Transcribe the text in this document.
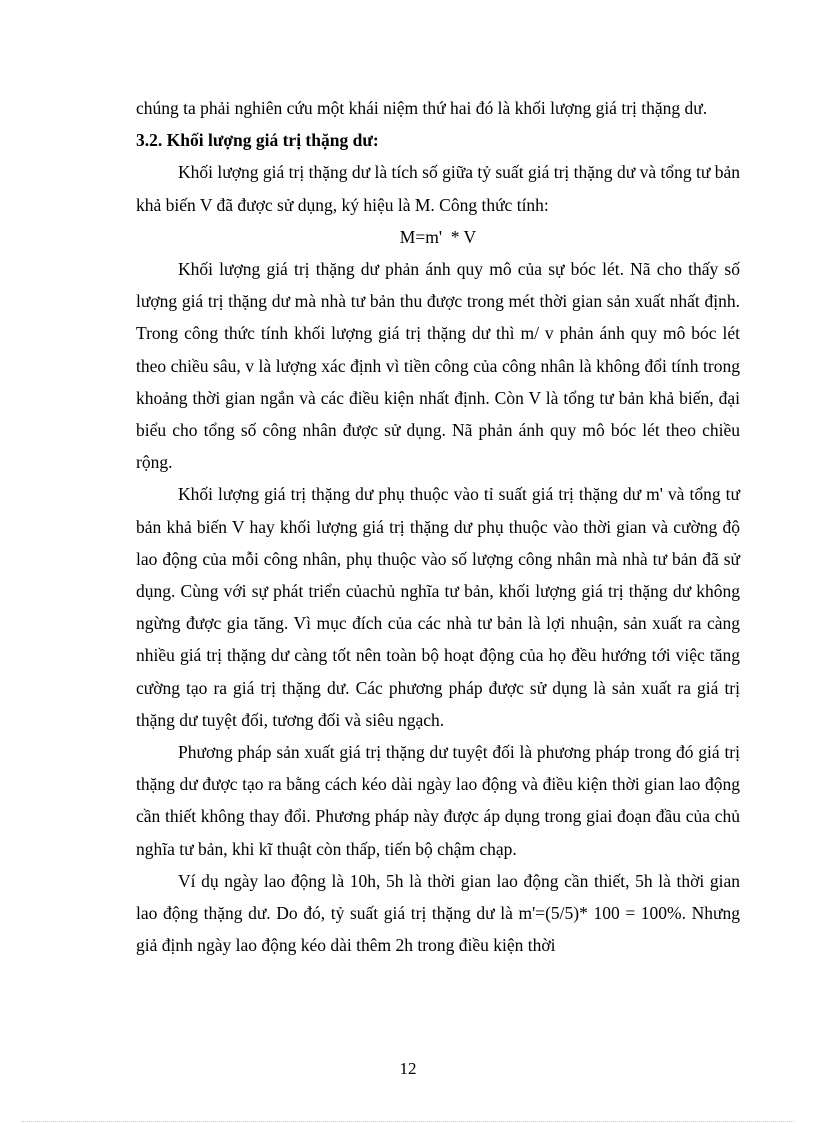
chúng ta phải nghiên cứu một khái niệm thứ hai đó là khối lượng giá trị thặng dư.

3.2. Khối lượng giá trị thặng dư:

Khối lượng giá trị thặng dư là tích số giữa tỷ suất giá trị thặng dư và tổng tư bản khả biến V đã được sử dụng, ký hiệu là M. Công thức tính:

M=m'  * V

Khối lượng giá trị thặng dư phản ánh quy mô của sự bóc lét. Nã cho thấy số lượng giá trị thặng dư mà nhà tư bản thu được trong mét thời gian sản xuất nhất định. Trong công thức tính khối lượng giá trị thặng dư thì m/ v phản ánh quy mô bóc lét theo chiều sâu, v là lượng xác định vì tiền công của công nhân là không đổi tính trong khoảng thời gian ngắn và các điều kiện nhất định. Còn V là tổng tư bản khả biến, đại biểu cho tổng số công nhân được sử dụng. Nã phản ánh quy mô bóc lét theo chiều rộng.

Khối lượng giá trị thặng dư phụ thuộc vào tỉ suất giá trị thặng dư m' và tổng tư bản khả biến V hay khối lượng giá trị thặng dư phụ thuộc vào thời gian và cường độ lao động của mỗi công nhân, phụ thuộc vào số lượng công nhân mà nhà tư bản đã sử dụng. Cùng với sự phát triển củachủ nghĩa tư bản, khối lượng giá trị thặng dư không ngừng được gia tăng. Vì mục đích của các nhà tư bản là lợi nhuận, sản xuất ra càng nhiều giá trị thặng dư càng tốt nên toàn bộ hoạt động của họ đều hướng tới việc tăng cường tạo ra giá trị thặng dư. Các phương pháp được sử dụng là sản xuất ra giá trị thặng dư tuyệt đối, tương đối và siêu ngạch.

Phương pháp sản xuất giá trị thặng dư tuyệt đối là phương pháp trong đó giá trị thặng dư được tạo ra bằng cách kéo dài ngày lao động và điều kiện thời gian lao động cần thiết không thay đổi. Phương pháp này được áp dụng trong giai đoạn đầu của chủ nghĩa tư bản, khi kĩ thuật còn thấp, tiến bộ chậm chạp.

Ví dụ ngày lao động là 10h, 5h là thời gian lao động cần thiết, 5h là thời gian lao động thặng dư. Do đó, tỷ suất giá trị thặng dư là m'=(5/5)* 100 = 100%. Nhưng giả định ngày lao động kéo dài thêm 2h trong điều kiện thời

12
